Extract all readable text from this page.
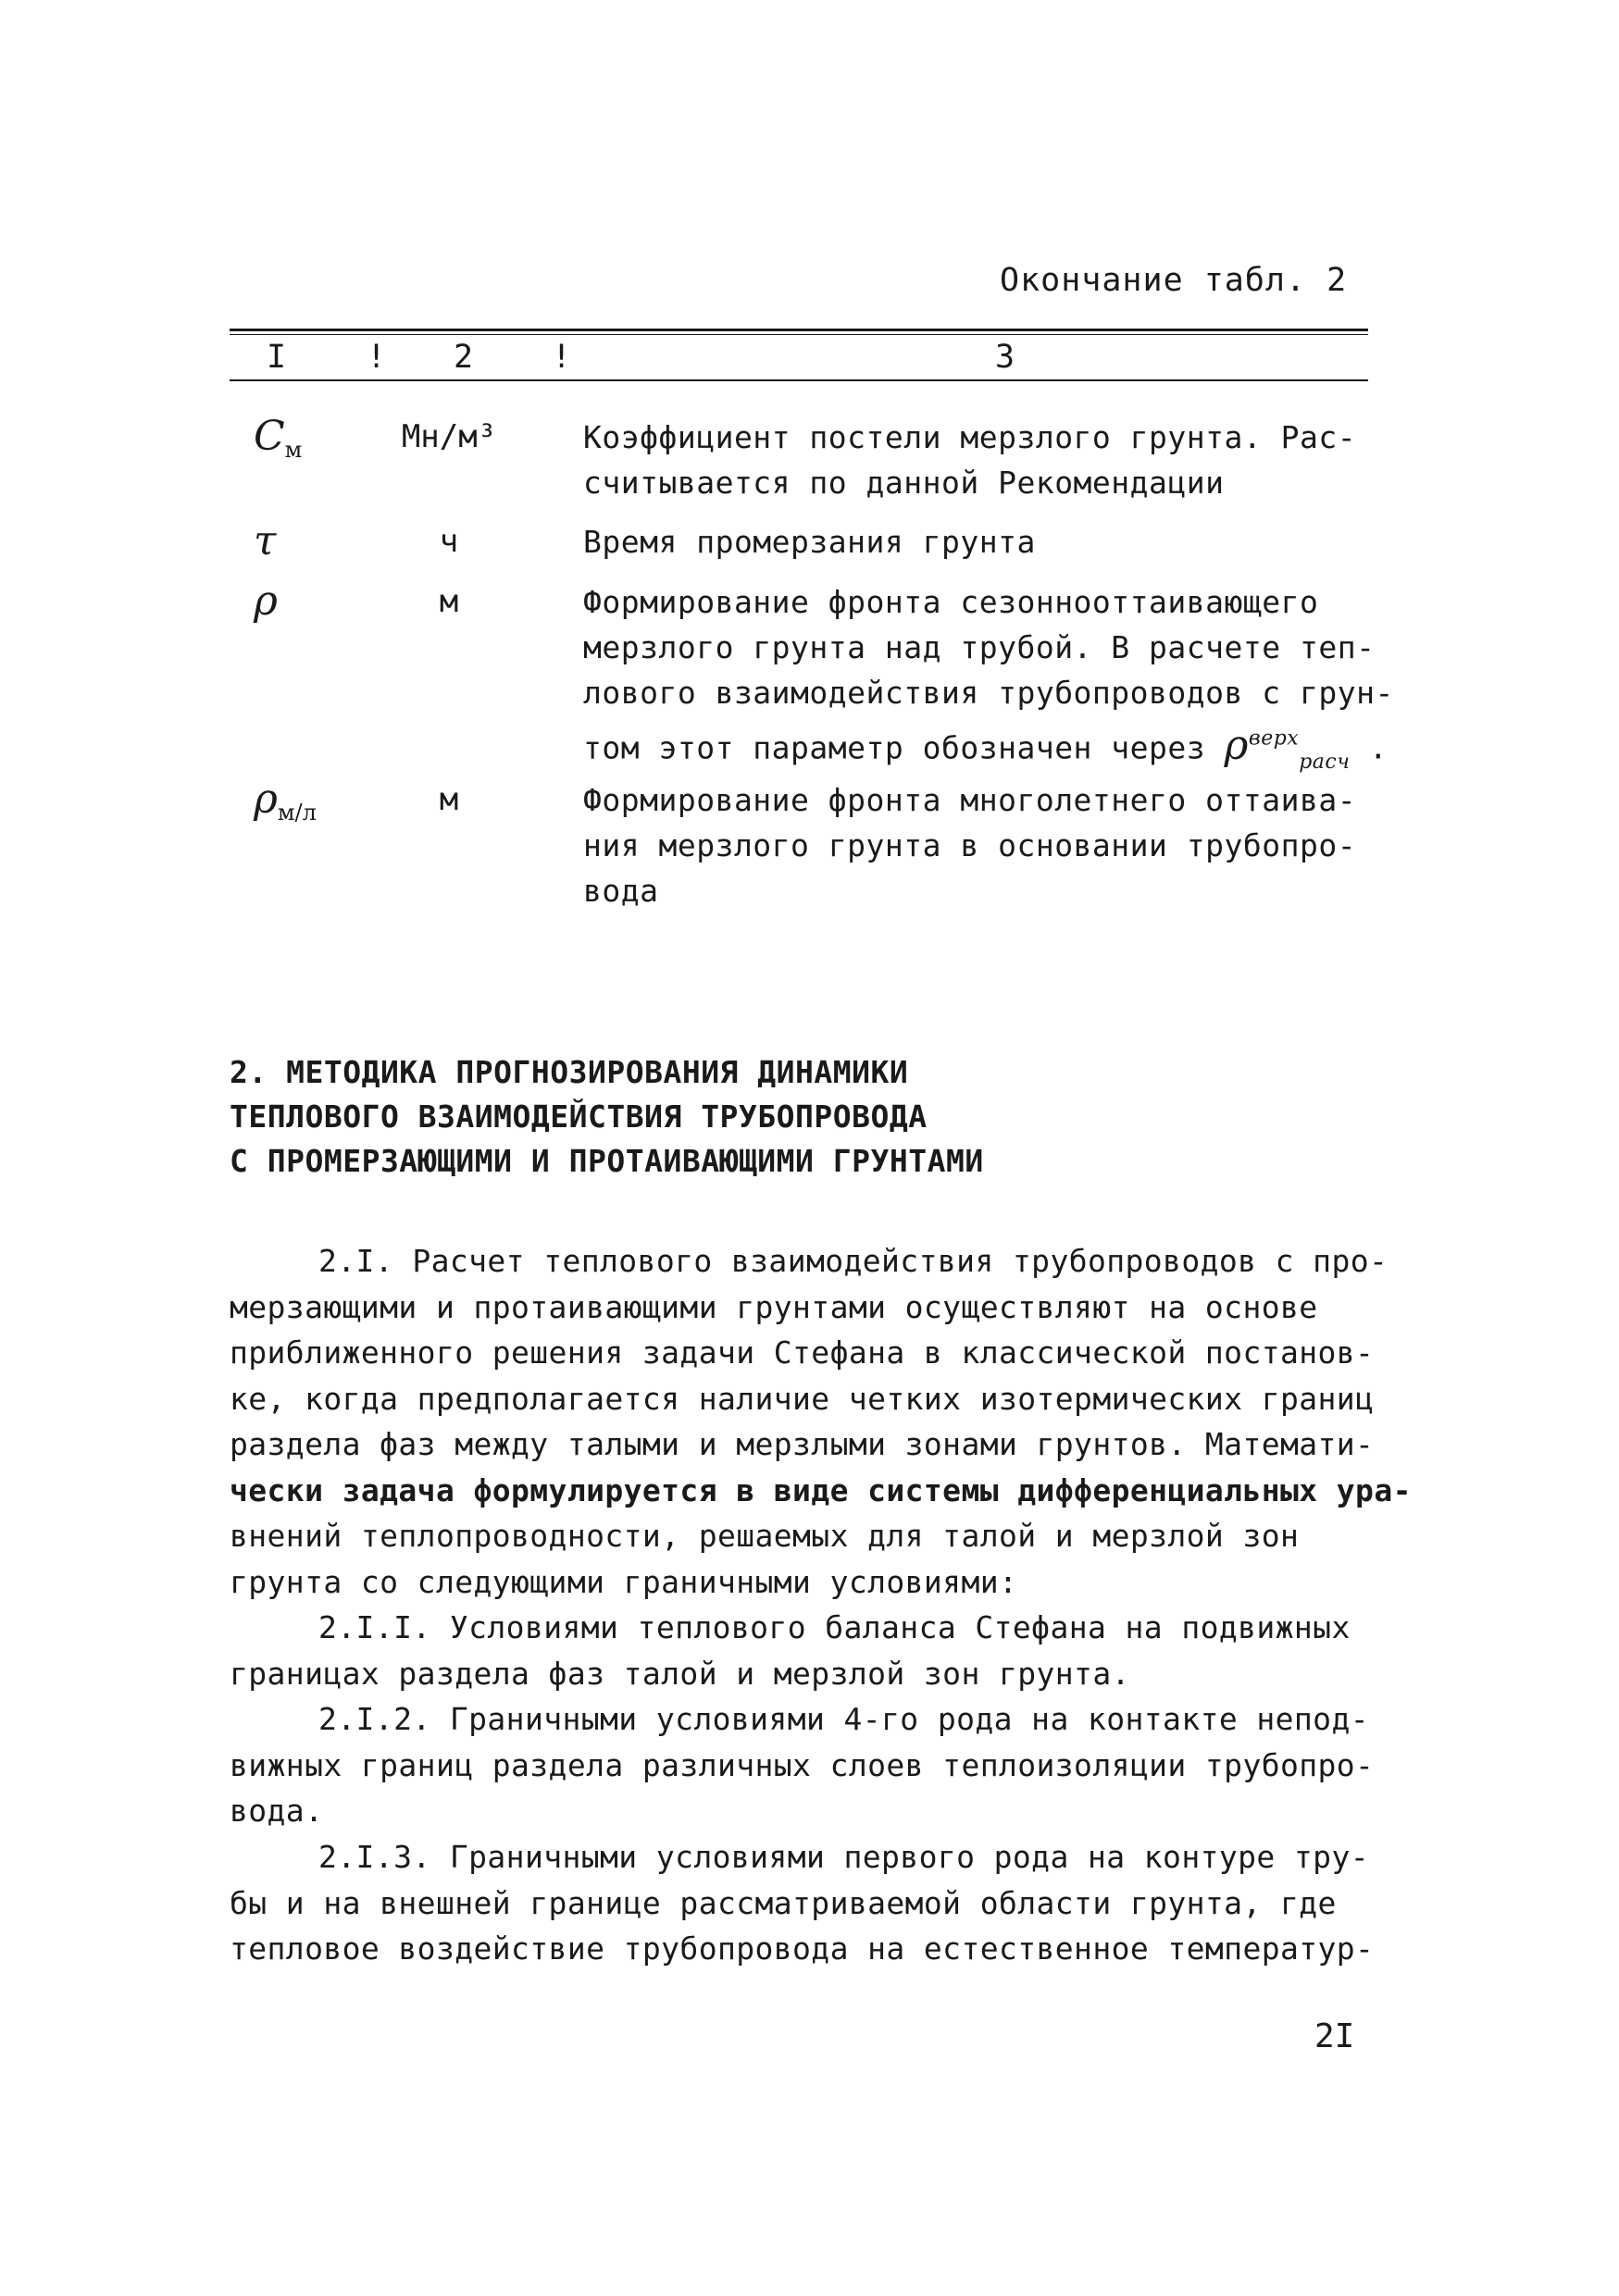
Окончание табл. 2
I ! 2 !	3
$C_м$	Мн/м³	Коэффициент постели мерзлого грунта. Рас-
считывается по данной Рекомендации
τ	ч	Время промерзания грунта
ρ	м	Формирование фронта сезоннооттаивающего
мерзлого грунта над трубой. В расчете теп-
лового взаимодействия трубопроводов с грун-
том этот параметр обозначен через $\rho^{верх}_{расч}$ .
$\rho_{м/л}$	м	Формирование фронта многолетнего оттаива-
ния мерзлого грунта в основании трубопро-
вода
2. МЕТОДИКА ПРОГНОЗИРОВАНИЯ ДИНАМИКИ
ТЕПЛОВОГО ВЗАИМОДЕЙСТВИЯ ТРУБОПРОВОДА
С ПРОМЕРЗАЮЩИМИ И ПРОТАИВАЮЩИМИ ГРУНТАМИ
2.I. Расчет теплового взаимодействия трубопроводов с про-
мерзающими и протаивающими грунтами осуществляют на основе
приближенного решения задачи Стефана в классической постанов-
ке, когда предполагается наличие четких изотермических границ
раздела фаз между талыми и мерзлыми зонами грунтов. Математи-
чески задача формулируется в виде системы дифференциальных ура-
внений теплопроводности, решаемых для талой и мерзлой зон
грунта со следующими граничными условиями:
2.I.I. Условиями теплового баланса Стефана на подвижных
границах раздела фаз талой и мерзлой зон грунта.
2.I.2. Граничными условиями 4-го рода на контакте непод-
вижных границ раздела различных слоев теплоизоляции трубопро-
вода.
2.I.3. Граничными условиями первого рода на контуре тру-
бы и на внешней границе рассматриваемой области грунта, где
тепловое воздействие трубопровода на естественное температур-
2I
